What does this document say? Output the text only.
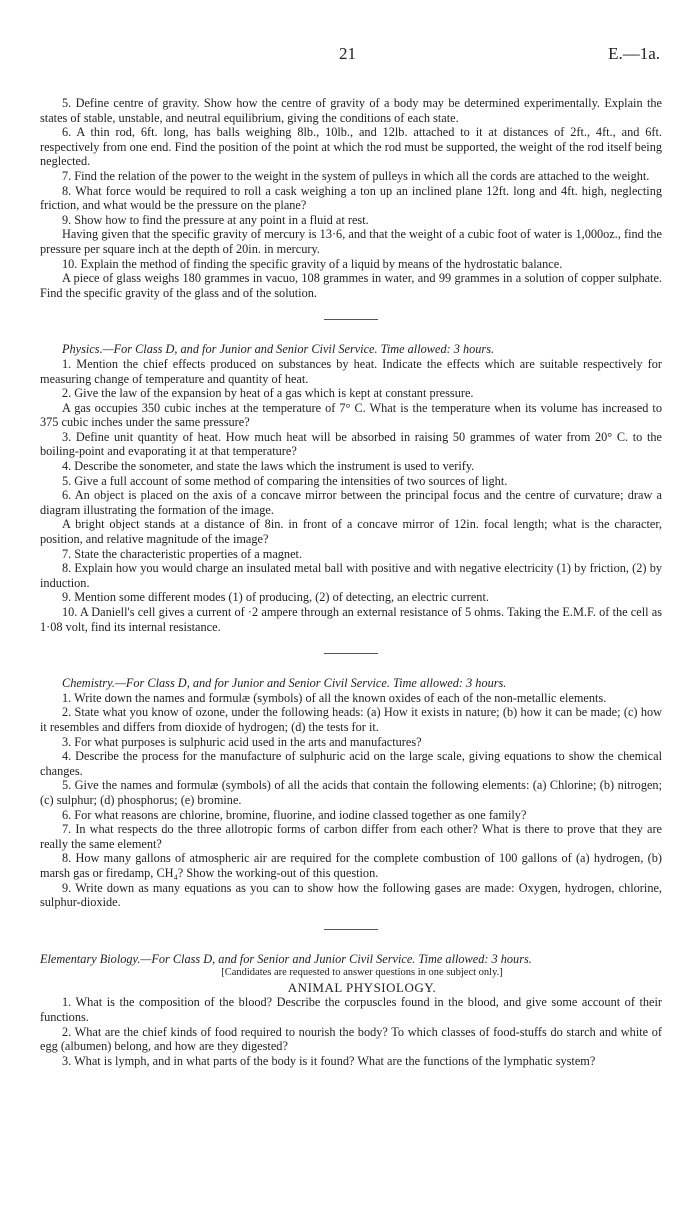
21	E.—1a.

5. Define centre of gravity. Show how the centre of gravity of a body may be determined experimentally. Explain the states of stable, unstable, and neutral equilibrium, giving the conditions of each state.

6. A thin rod, 6ft. long, has balls weighing 8lb., 10lb., and 12lb. attached to it at distances of 2ft., 4ft., and 6ft. respectively from one end. Find the position of the point at which the rod must be supported, the weight of the rod itself being neglected.

7. Find the relation of the power to the weight in the system of pulleys in which all the cords are attached to the weight.

8. What force would be required to roll a cask weighing a ton up an inclined plane 12ft. long and 4ft. high, neglecting friction, and what would be the pressure on the plane?

9. Show how to find the pressure at any point in a fluid at rest.

Having given that the specific gravity of mercury is 13·6, and that the weight of a cubic foot of water is 1,000oz., find the pressure per square inch at the depth of 20in. in mercury.

10. Explain the method of finding the specific gravity of a liquid by means of the hydrostatic balance.

A piece of glass weighs 180 grammes in vacuo, 108 grammes in water, and 99 grammes in a solution of copper sulphate. Find the specific gravity of the glass and of the solution.

Physics.—For Class D, and for Junior and Senior Civil Service. Time allowed: 3 hours.

1. Mention the chief effects produced on substances by heat. Indicate the effects which are suitable respectively for measuring change of temperature and quantity of heat.

2. Give the law of the expansion by heat of a gas which is kept at constant pressure.

A gas occupies 350 cubic inches at the temperature of 7° C. What is the temperature when its volume has increased to 375 cubic inches under the same pressure?

3. Define unit quantity of heat. How much heat will be absorbed in raising 50 grammes of water from 20° C. to the boiling-point and evaporating it at that temperature?

4. Describe the sonometer, and state the laws which the instrument is used to verify.

5. Give a full account of some method of comparing the intensities of two sources of light.

6. An object is placed on the axis of a concave mirror between the principal focus and the centre of curvature; draw a diagram illustrating the formation of the image.

A bright object stands at a distance of 8in. in front of a concave mirror of 12in. focal length; what is the character, position, and relative magnitude of the image?

7. State the characteristic properties of a magnet.

8. Explain how you would charge an insulated metal ball with positive and with negative electricity (1) by friction, (2) by induction.

9. Mention some different modes (1) of producing, (2) of detecting, an electric current.

10. A Daniell's cell gives a current of ·2 ampere through an external resistance of 5 ohms. Taking the E.M.F. of the cell as 1·08 volt, find its internal resistance.

Chemistry.—For Class D, and for Junior and Senior Civil Service. Time allowed: 3 hours.

1. Write down the names and formulæ (symbols) of all the known oxides of each of the non-metallic elements.

2. State what you know of ozone, under the following heads: (a) How it exists in nature; (b) how it can be made; (c) how it resembles and differs from dioxide of hydrogen; (d) the tests for it.

3. For what purposes is sulphuric acid used in the arts and manufactures?

4. Describe the process for the manufacture of sulphuric acid on the large scale, giving equations to show the chemical changes.

5. Give the names and formulæ (symbols) of all the acids that contain the following elements: (a) Chlorine; (b) nitrogen; (c) sulphur; (d) phosphorus; (e) bromine.

6. For what reasons are chlorine, bromine, fluorine, and iodine classed together as one family?

7. In what respects do the three allotropic forms of carbon differ from each other? What is there to prove that they are really the same element?

8. How many gallons of atmospheric air are required for the complete combustion of 100 gallons of (a) hydrogen, (b) marsh gas or firedamp, CH₄? Show the working-out of this question.

9. Write down as many equations as you can to show how the following gases are made: Oxygen, hydrogen, chlorine, sulphur-dioxide.

Elementary Biology.—For Class D, and for Senior and Junior Civil Service. Time allowed: 3 hours.

[Candidates are requested to answer questions in one subject only.]

ANIMAL PHYSIOLOGY.

1. What is the composition of the blood? Describe the corpuscles found in the blood, and give some account of their functions.

2. What are the chief kinds of food required to nourish the body? To which classes of food-stuffs do starch and white of egg (albumen) belong, and how are they digested?

3. What is lymph, and in what parts of the body is it found? What are the functions of the lymphatic system?
